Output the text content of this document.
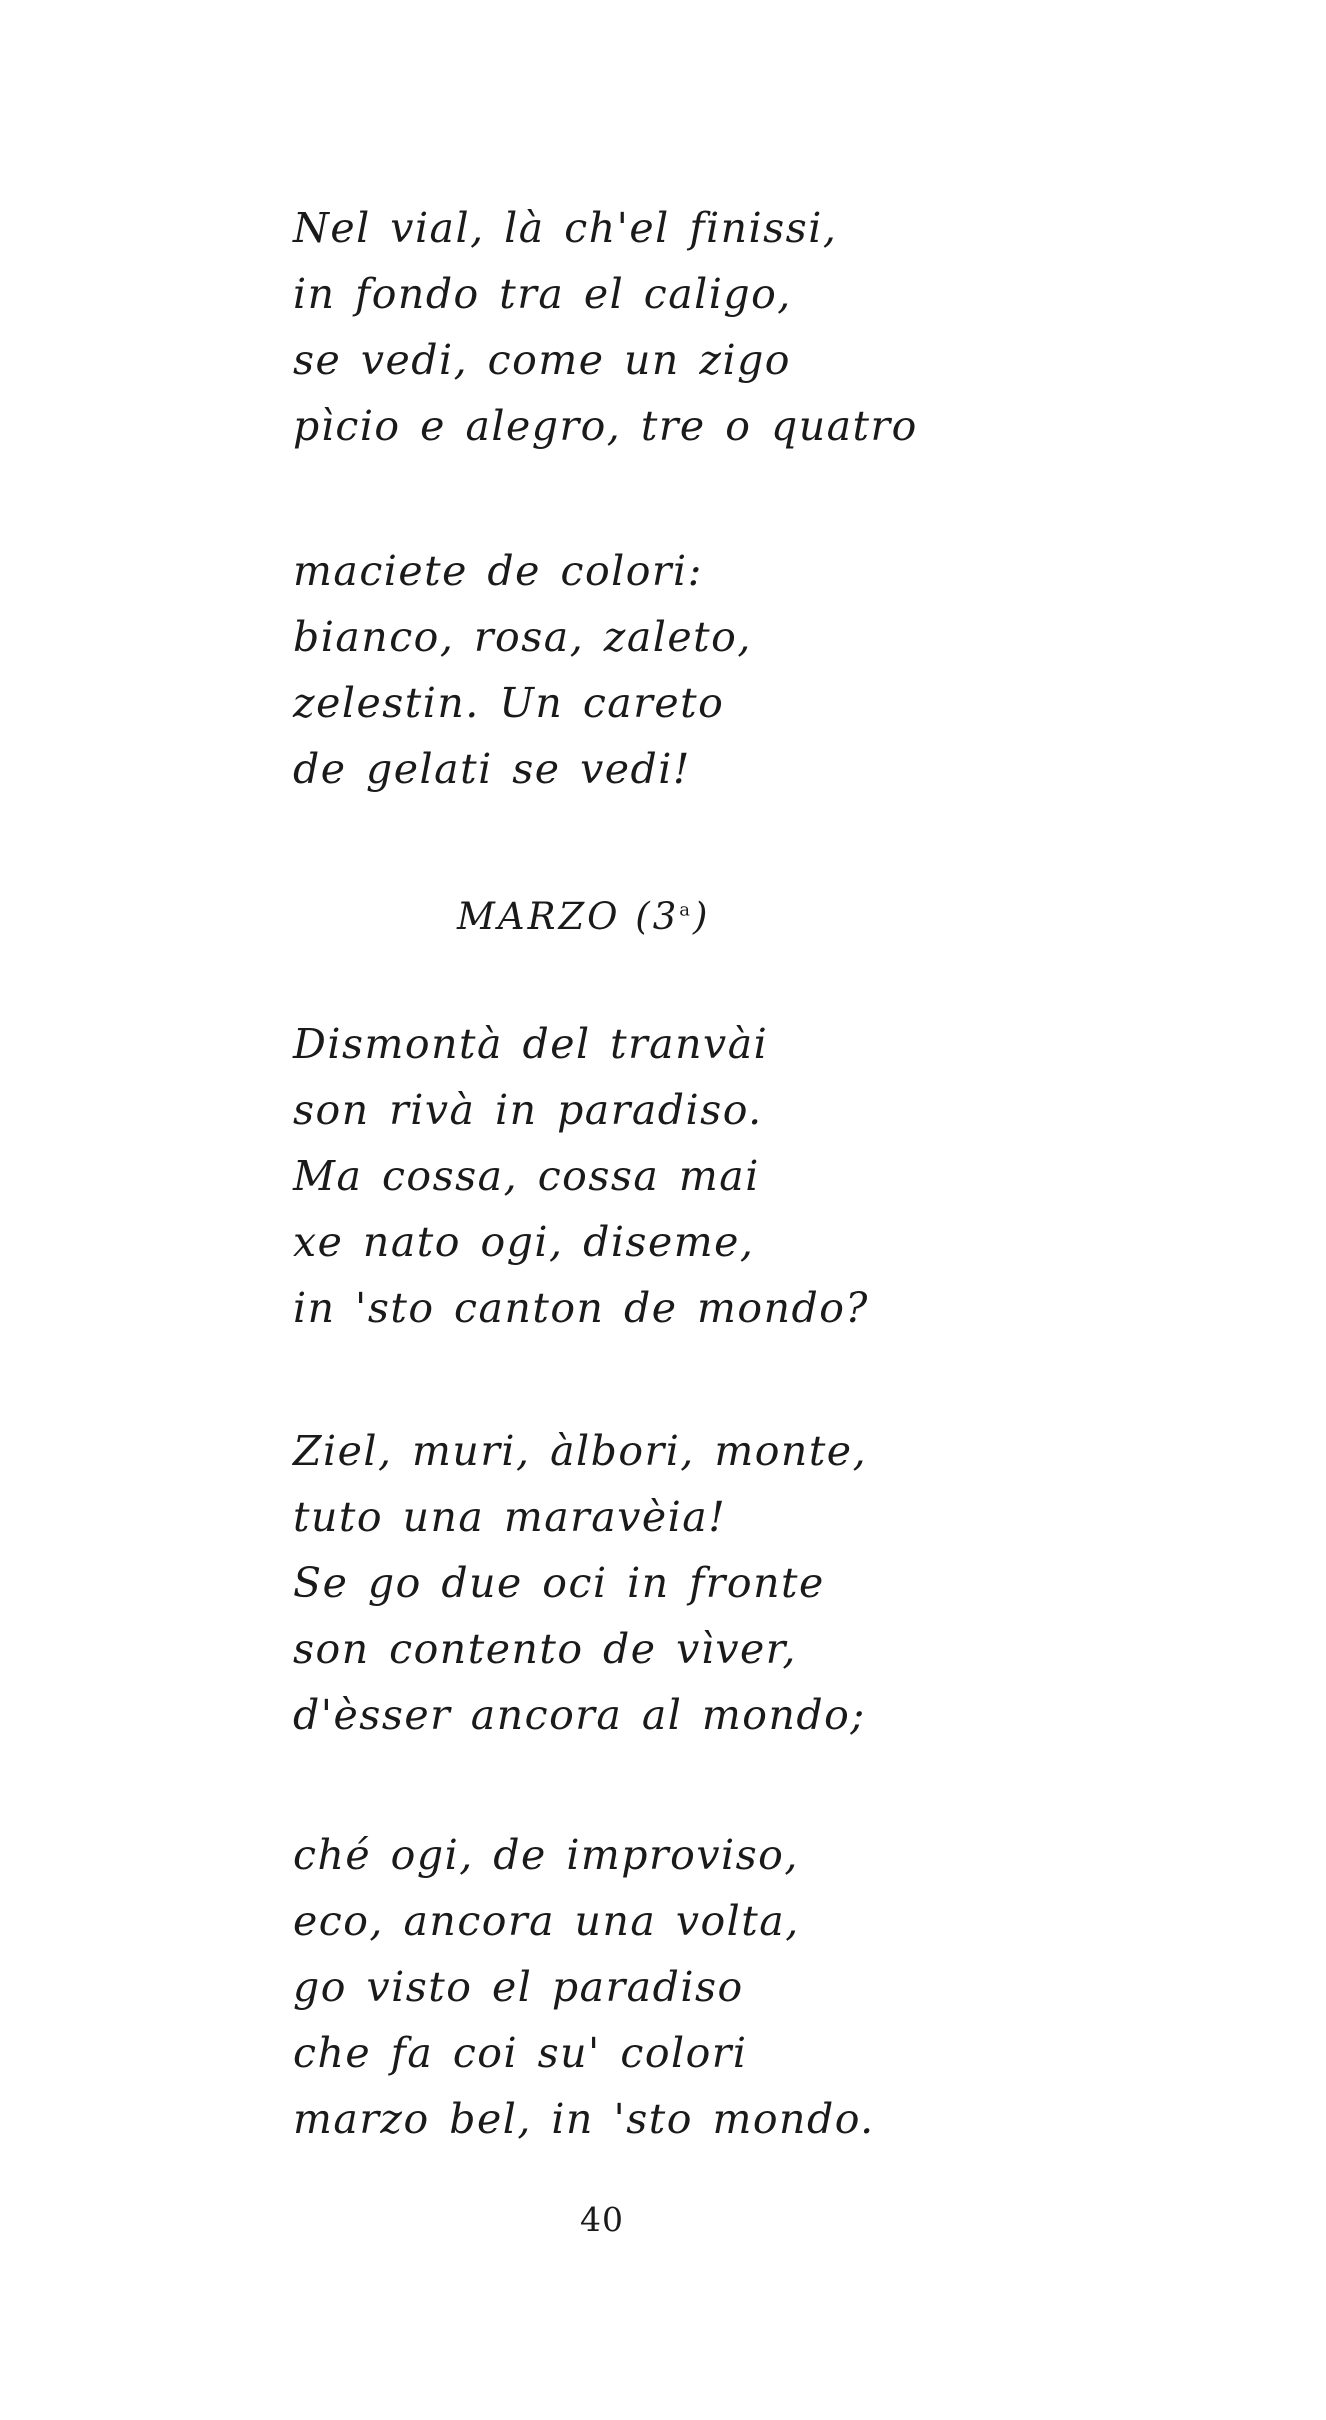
Nel vial, là ch'el finissi,
in fondo tra el caligo,
se vedi, come un zigo
pìcio e alegro, tre o quatro
maciete de colori:
bianco, rosa, zaleto,
zelestin. Un careto
de gelati se vedi!
MARZO (3$^a$)
Dismontà del tranvài
son rivà in paradiso.
Ma cossa, cossa mai
xe nato ogi, diseme,
in 'sto canton de mondo?
Ziel, muri, àlbori, monte,
tuto una maravèia!
Se go due oci in fronte
son contento de vìver,
d'èsser ancora al mondo;
ché ogi, de improviso,
eco, ancora una volta,
go visto el paradiso
che fa coi su' colori
marzo bel, in 'sto mondo.
40
